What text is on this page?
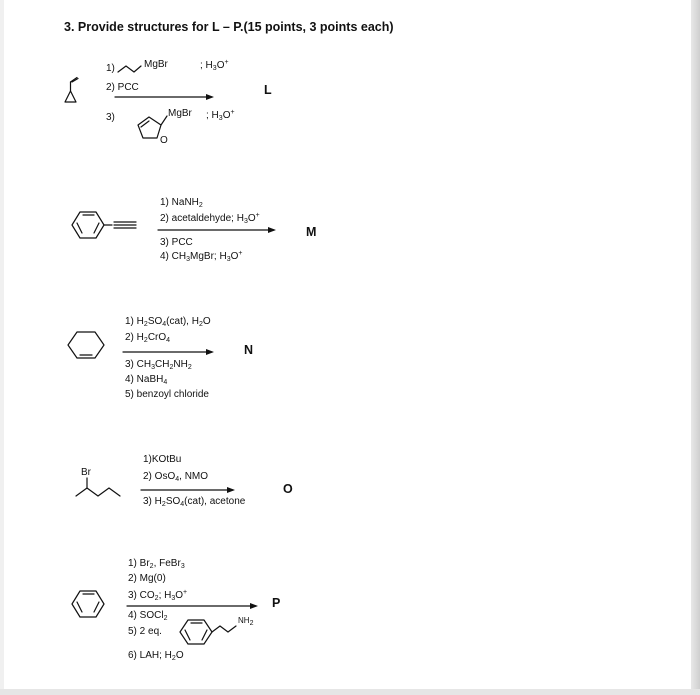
3. Provide structures for L – P.(15 points, 3 points each)
1)	MgBr	; $H_3O^+$
2) PCC
3)	MgBr ; $H_3O^+$
O
L
1) NaNH$_2$
2) acetaldehyde; $H_3O^+$
3) PCC
4) $CH_3MgBr$; $H_3O^+$
M
1) $H_2SO_4(cat)$, $H_2O$
2) $H_2CrO_4$
3) $CH_3CH_2NH_2$
4) NaBH$_4$
5) benzoyl chloride
N
Br
1)KOtBu
2) OsO$_4$, NMO
3) $H_2SO_4(cat)$, acetone
O
1) $Br_2$, FeBr$_3$
2) Mg(0)
3) $CO_2$; $H_3O^+$
4) SOCl$_2$
5) 2 eq.
6) LAH; $H_2O$
$NH_2$
P
